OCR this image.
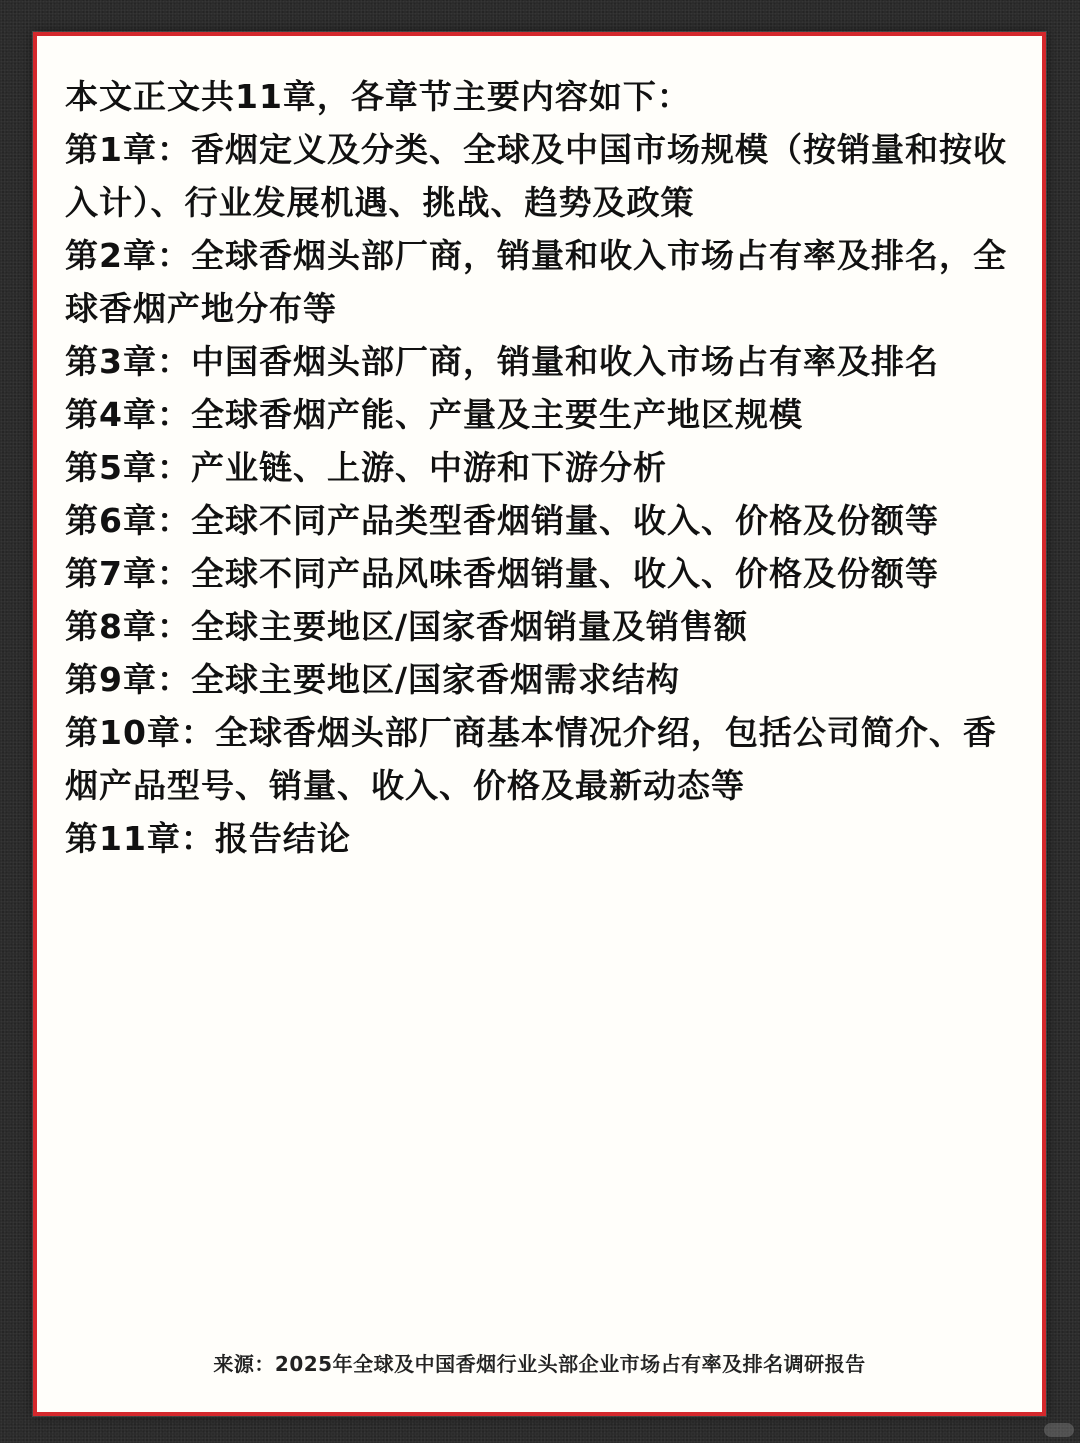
本文正文共11章，各章节主要内容如下：
第1章：香烟定义及分类、全球及中国市场规模（按销量和按收入计）、行业发展机遇、挑战、趋势及政策
第2章：全球香烟头部厂商，销量和收入市场占有率及排名，全球香烟产地分布等
第3章：中国香烟头部厂商，销量和收入市场占有率及排名
第4章：全球香烟产能、产量及主要生产地区规模
第5章：产业链、上游、中游和下游分析
第6章：全球不同产品类型香烟销量、收入、价格及份额等
第7章：全球不同产品风味香烟销量、收入、价格及份额等
第8章：全球主要地区/国家香烟销量及销售额
第9章：全球主要地区/国家香烟需求结构
第10章：全球香烟头部厂商基本情况介绍，包括公司简介、香烟产品型号、销量、收入、价格及最新动态等
第11章：报告结论
来源：2025年全球及中国香烟行业头部企业市场占有率及排名调研报告
